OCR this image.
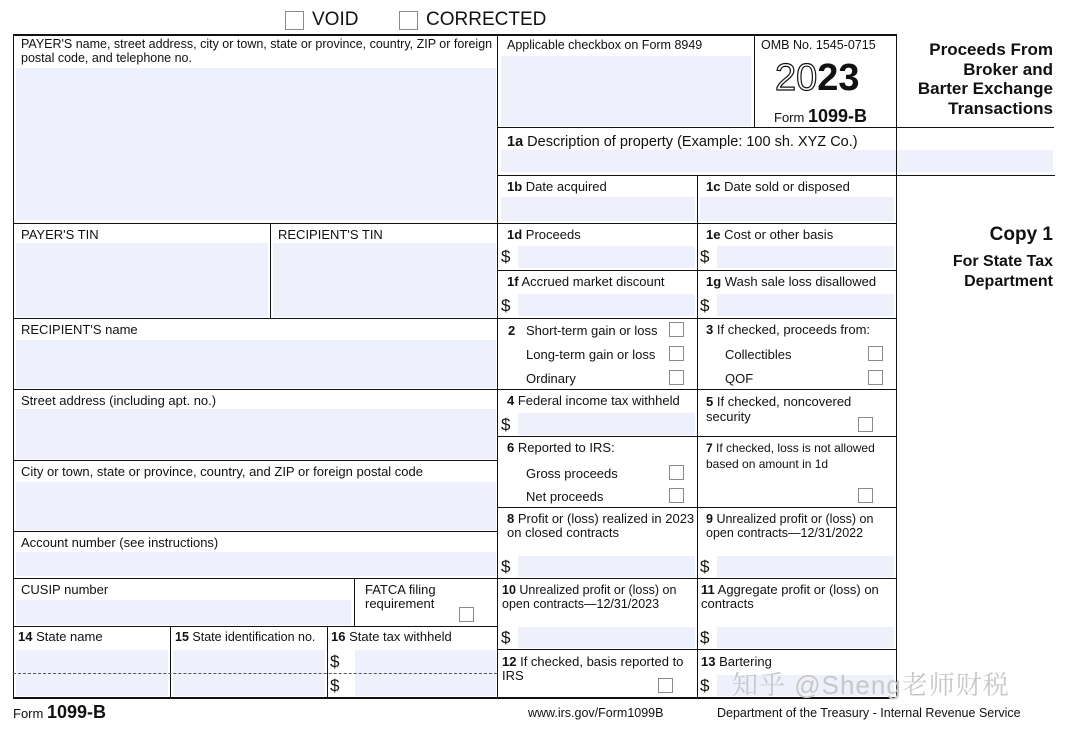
VOID	CORRECTED
OMB No. 1545-0715
2023
Form 1099-B
Proceeds From
Broker and
Barter Exchange
Transactions
Copy 1
For State Tax
Department
PAYER'S name, street address, city or town, state or province, country, ZIP or foreign postal code, and telephone no.
PAYER'S TIN	RECIPIENT'S TIN
RECIPIENT'S name
Street address (including apt. no.)
City or town, state or province, country, and ZIP or foreign postal code
Account number (see instructions)
CUSIP number	FATCA filing requirement
14 State name	15 State identification no. 16 State tax withheld
$
$
Applicable checkbox on Form 8949
1a Description of property (Example: 100 sh. XYZ Co.)
1b Date acquired	1c Date sold or disposed
1d Proceeds
$
1e Cost or other basis
$
1f Accrued market discount
$
1g Wash sale loss disallowed
$
2 Short-term gain or loss
Long-term gain or loss
Ordinary
3 If checked, proceeds from:
Collectibles
QOF
4 Federal income tax withheld
$
5 If checked, noncovered security
6 Reported to IRS:
Gross proceeds
Net proceeds
7 If checked, loss is not allowed based on amount in 1d
8 Profit or (loss) realized in 2023 on closed contracts
$
9 Unrealized profit or (loss) on open contracts—12/31/2022
$
10 Unrealized profit or (loss) on open contracts—12/31/2023
$
11 Aggregate profit or (loss) on contracts
$
12 If checked, basis reported to IRS
13 Bartering
$ 知乎 @Sheng老师财税
Form 1099-B	www.irs.gov/Form1099B	Department of the Treasury - Internal Revenue Service
